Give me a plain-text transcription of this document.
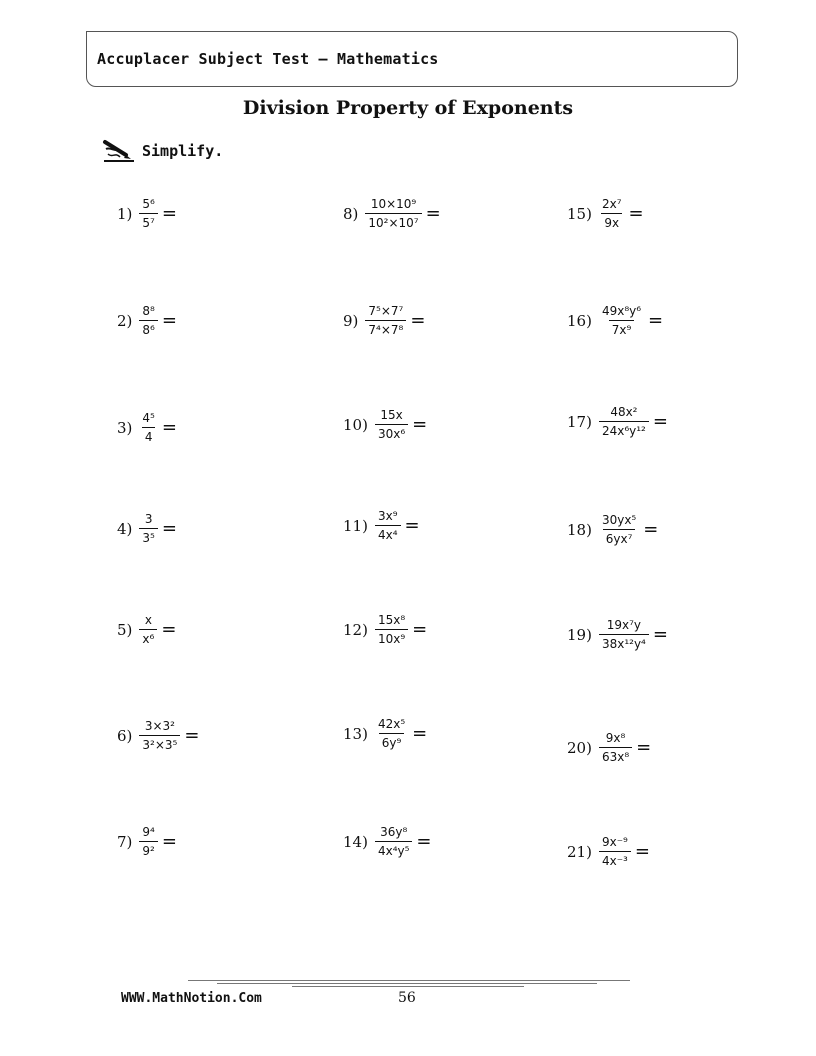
Accuplacer Subject Test – Mathematics
Division Property of Exponents
Simplify.
$1) \frac{\text{5⁶}}{\text{5⁷}}$ =
$2) \frac{\text{8⁸}}{\text{8⁶}}$ =
$3) \frac{\text{4⁵}}{4}$ =
$4) \frac{3}{\text{3⁵}}$ =
$5) \frac{x}{\text{x⁶}}$ =
$6) \frac{\text{3×3²}}{\text{3²×3⁵}}$ =
$7) \frac{\text{9⁴}}{\text{9²}}$ =
$8) \frac{\text{10×10⁹}}{\text{10²×10⁷}}$ =
$9) \frac{\text{7⁵×7⁷}}{\text{7⁴×7⁸}}$ =
$10) \frac{15x}{\text{30x⁶}}$ =
$11) \frac{\text{3x⁹}}{\text{4x⁴}}$ =
$12) \frac{\text{15x⁸}}{\text{10x⁹}}$ =
$13) \frac{\text{42x⁵}}{\text{6y⁹}}$ =
$14) \frac{\text{36y⁸}}{\text{4x⁴y⁵}}$ =
$15) \frac{\text{2x⁷}}{9x}$ =
$16) \frac{\text{49x⁸y⁶}}{\text{7x⁹}}$ =
$17) \frac{\text{48x²}}{\text{24x⁶y¹²}}$ =
$18) \frac{\text{30yx⁵}}{\text{6yx⁷}}$ =
$19) \frac{\text{19x⁷y}}{\text{38x¹²y⁴}}$ =
$20) \frac{\text{9x⁸}}{\text{63x⁸}}$ =
$21) \frac{\text{9x⁻⁹}}{\text{4x⁻³}}$ =
WWW.MathNotion.Com	56
